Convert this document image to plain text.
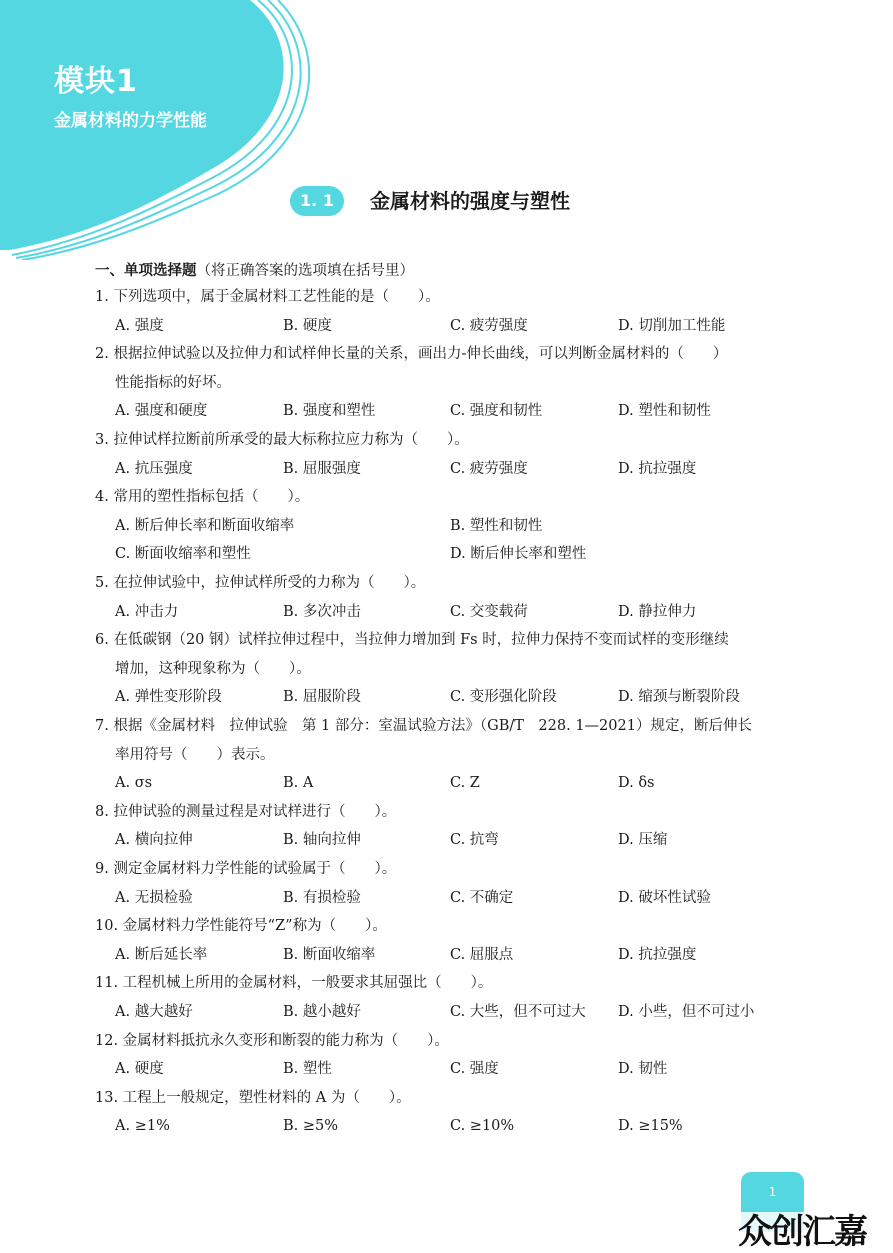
模块1
金属材料的力学性能
1. 1	金属材料的强度与塑性
一、单项选择题（将正确答案的选项填在括号里）
1. 下列选项中，属于金属材料工艺性能的是（　　）。
A. 强度	B. 硬度	C. 疲劳强度	D. 切削加工性能
2. 根据拉伸试验以及拉伸力和试样伸长量的关系，画出力-伸长曲线，可以判断金属材料的（　　）
性能指标的好坏。
A. 强度和硬度	B. 强度和塑性	C. 强度和韧性	D. 塑性和韧性
3. 拉伸试样拉断前所承受的最大标称拉应力称为（　　）。
A. 抗压强度	B. 屈服强度	C. 疲劳强度	D. 抗拉强度
4. 常用的塑性指标包括（　　）。
A. 断后伸长率和断面收缩率	B. 塑性和韧性
C. 断面收缩率和塑性	D. 断后伸长率和塑性
5. 在拉伸试验中，拉伸试样所受的力称为（　　）。
A. 冲击力	B. 多次冲击	C. 交变载荷	D. 静拉伸力
6. 在低碳钢（20 钢）试样拉伸过程中，当拉伸力增加到 Fs 时，拉伸力保持不变而试样的变形继续
增加，这种现象称为（　　）。
A. 弹性变形阶段	B. 屈服阶段	C. 变形强化阶段	D. 缩颈与断裂阶段
7. 根据《金属材料　拉伸试验　第 1 部分：室温试验方法》（GB/T　228. 1—2021）规定，断后伸长
率用符号（　　）表示。
A. σs	B. A	C. Z	D. δs
8. 拉伸试验的测量过程是对试样进行（　　）。
A. 横向拉伸	B. 轴向拉伸	C. 抗弯	D. 压缩
9. 测定金属材料力学性能的试验属于（　　）。
A. 无损检验	B. 有损检验	C. 不确定	D. 破坏性试验
10. 金属材料力学性能符号“Z”称为（　　）。
A. 断后延长率	B. 断面收缩率	C. 屈服点	D. 抗拉强度
11. 工程机械上所用的金属材料，一般要求其屈强比（　　）。
A. 越大越好	B. 越小越好	C. 大些，但不可过大 D. 小些，但不可过小
12. 金属材料抵抗永久变形和断裂的能力称为（　　）。
A. 硬度	B. 塑性	C. 强度	D. 韧性
13. 工程上一般规定，塑性材料的 A 为（　　）。
A. ≥1%	B. ≥5%	C. ≥10%	D. ≥15%
1
众创汇嘉
